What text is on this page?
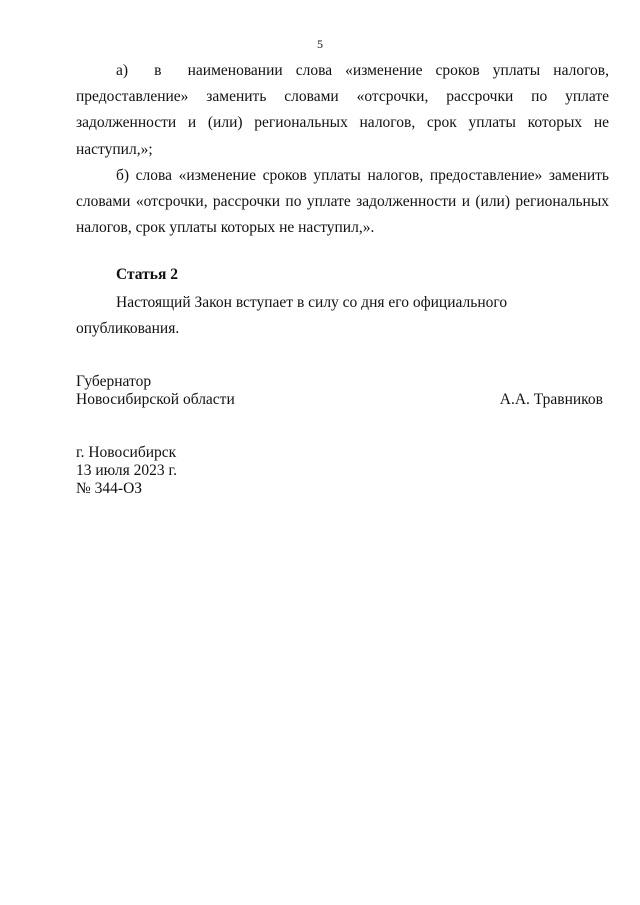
5

а)  в  наименовании слова «изменение сроков уплаты налогов, предоставление» заменить словами «отсрочки, рассрочки по уплате задолженности и (или) региональных налогов, срок уплаты которых не наступил,»;

б) слова «изменение сроков уплаты налогов, предоставление» заменить словами «отсрочки, рассрочки по уплате задолженности и (или) региональных налогов, срок уплаты которых не наступил,».

Статья 2

Настоящий Закон вступает в силу со дня его официального опубликования.

Губернатор
Новосибирской области	А.А. Травников
г. Новосибирск
13 июля 2023 г.
№ 344-ОЗ
